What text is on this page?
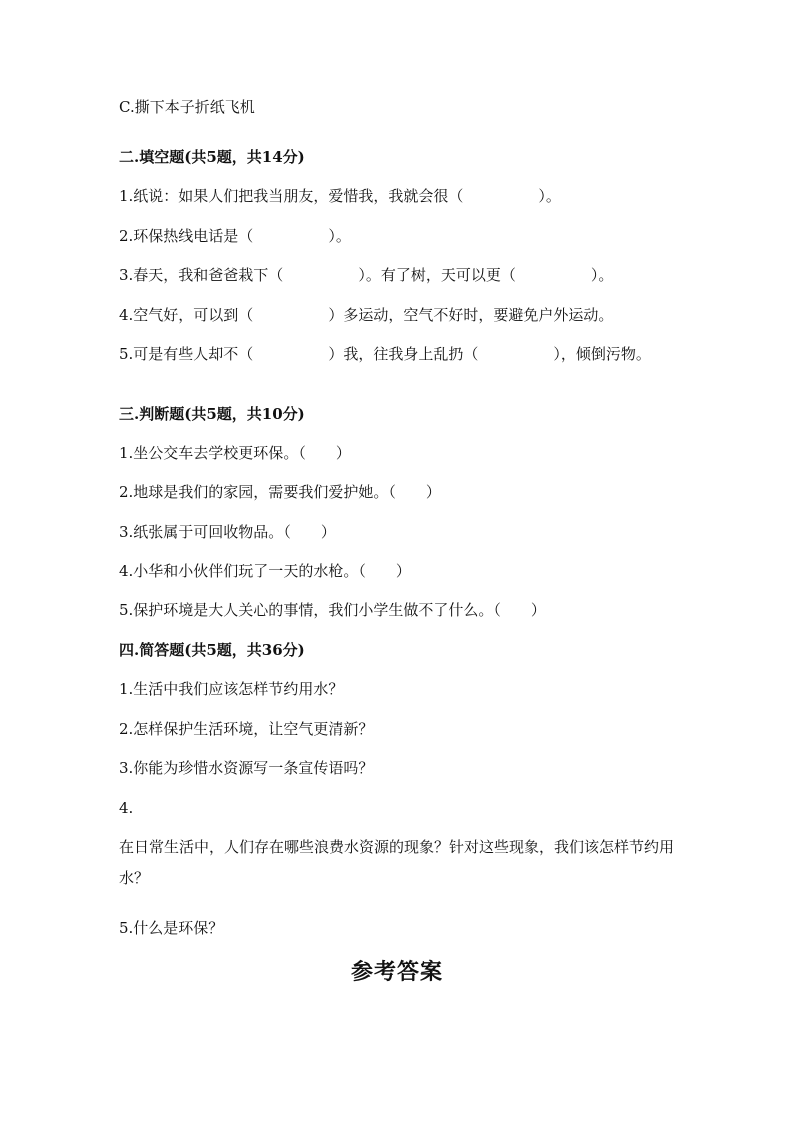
C.撕下本子折纸飞机
二.填空题(共5题，共14分)
1.纸说：如果人们把我当朋友，爱惜我，我就会很（　　　　　）。
2.环保热线电话是（　　　　　）。
3.春天，我和爸爸栽下（　　　　　）。有了树，天可以更（　　　　　）。
4.空气好，可以到（　　　　　）多运动，空气不好时，要避免户外运动。
5.可是有些人却不（　　　　　）我，往我身上乱扔（　　　　　），倾倒污物。
三.判断题(共5题，共10分)
1.坐公交车去学校更环保。（　　）
2.地球是我们的家园，需要我们爱护她。（　　）
3.纸张属于可回收物品。（　　）
4.小华和小伙伴们玩了一天的水枪。（　　）
5.保护环境是大人关心的事情，我们小学生做不了什么。（　　）
四.简答题(共5题，共36分)
1.生活中我们应该怎样节约用水？
2.怎样保护生活环境，让空气更清新？
3.你能为珍惜水资源写一条宣传语吗？
4.
在日常生活中，人们存在哪些浪费水资源的现象？针对这些现象，我们该怎样节约用水？
5.什么是环保？
参考答案
